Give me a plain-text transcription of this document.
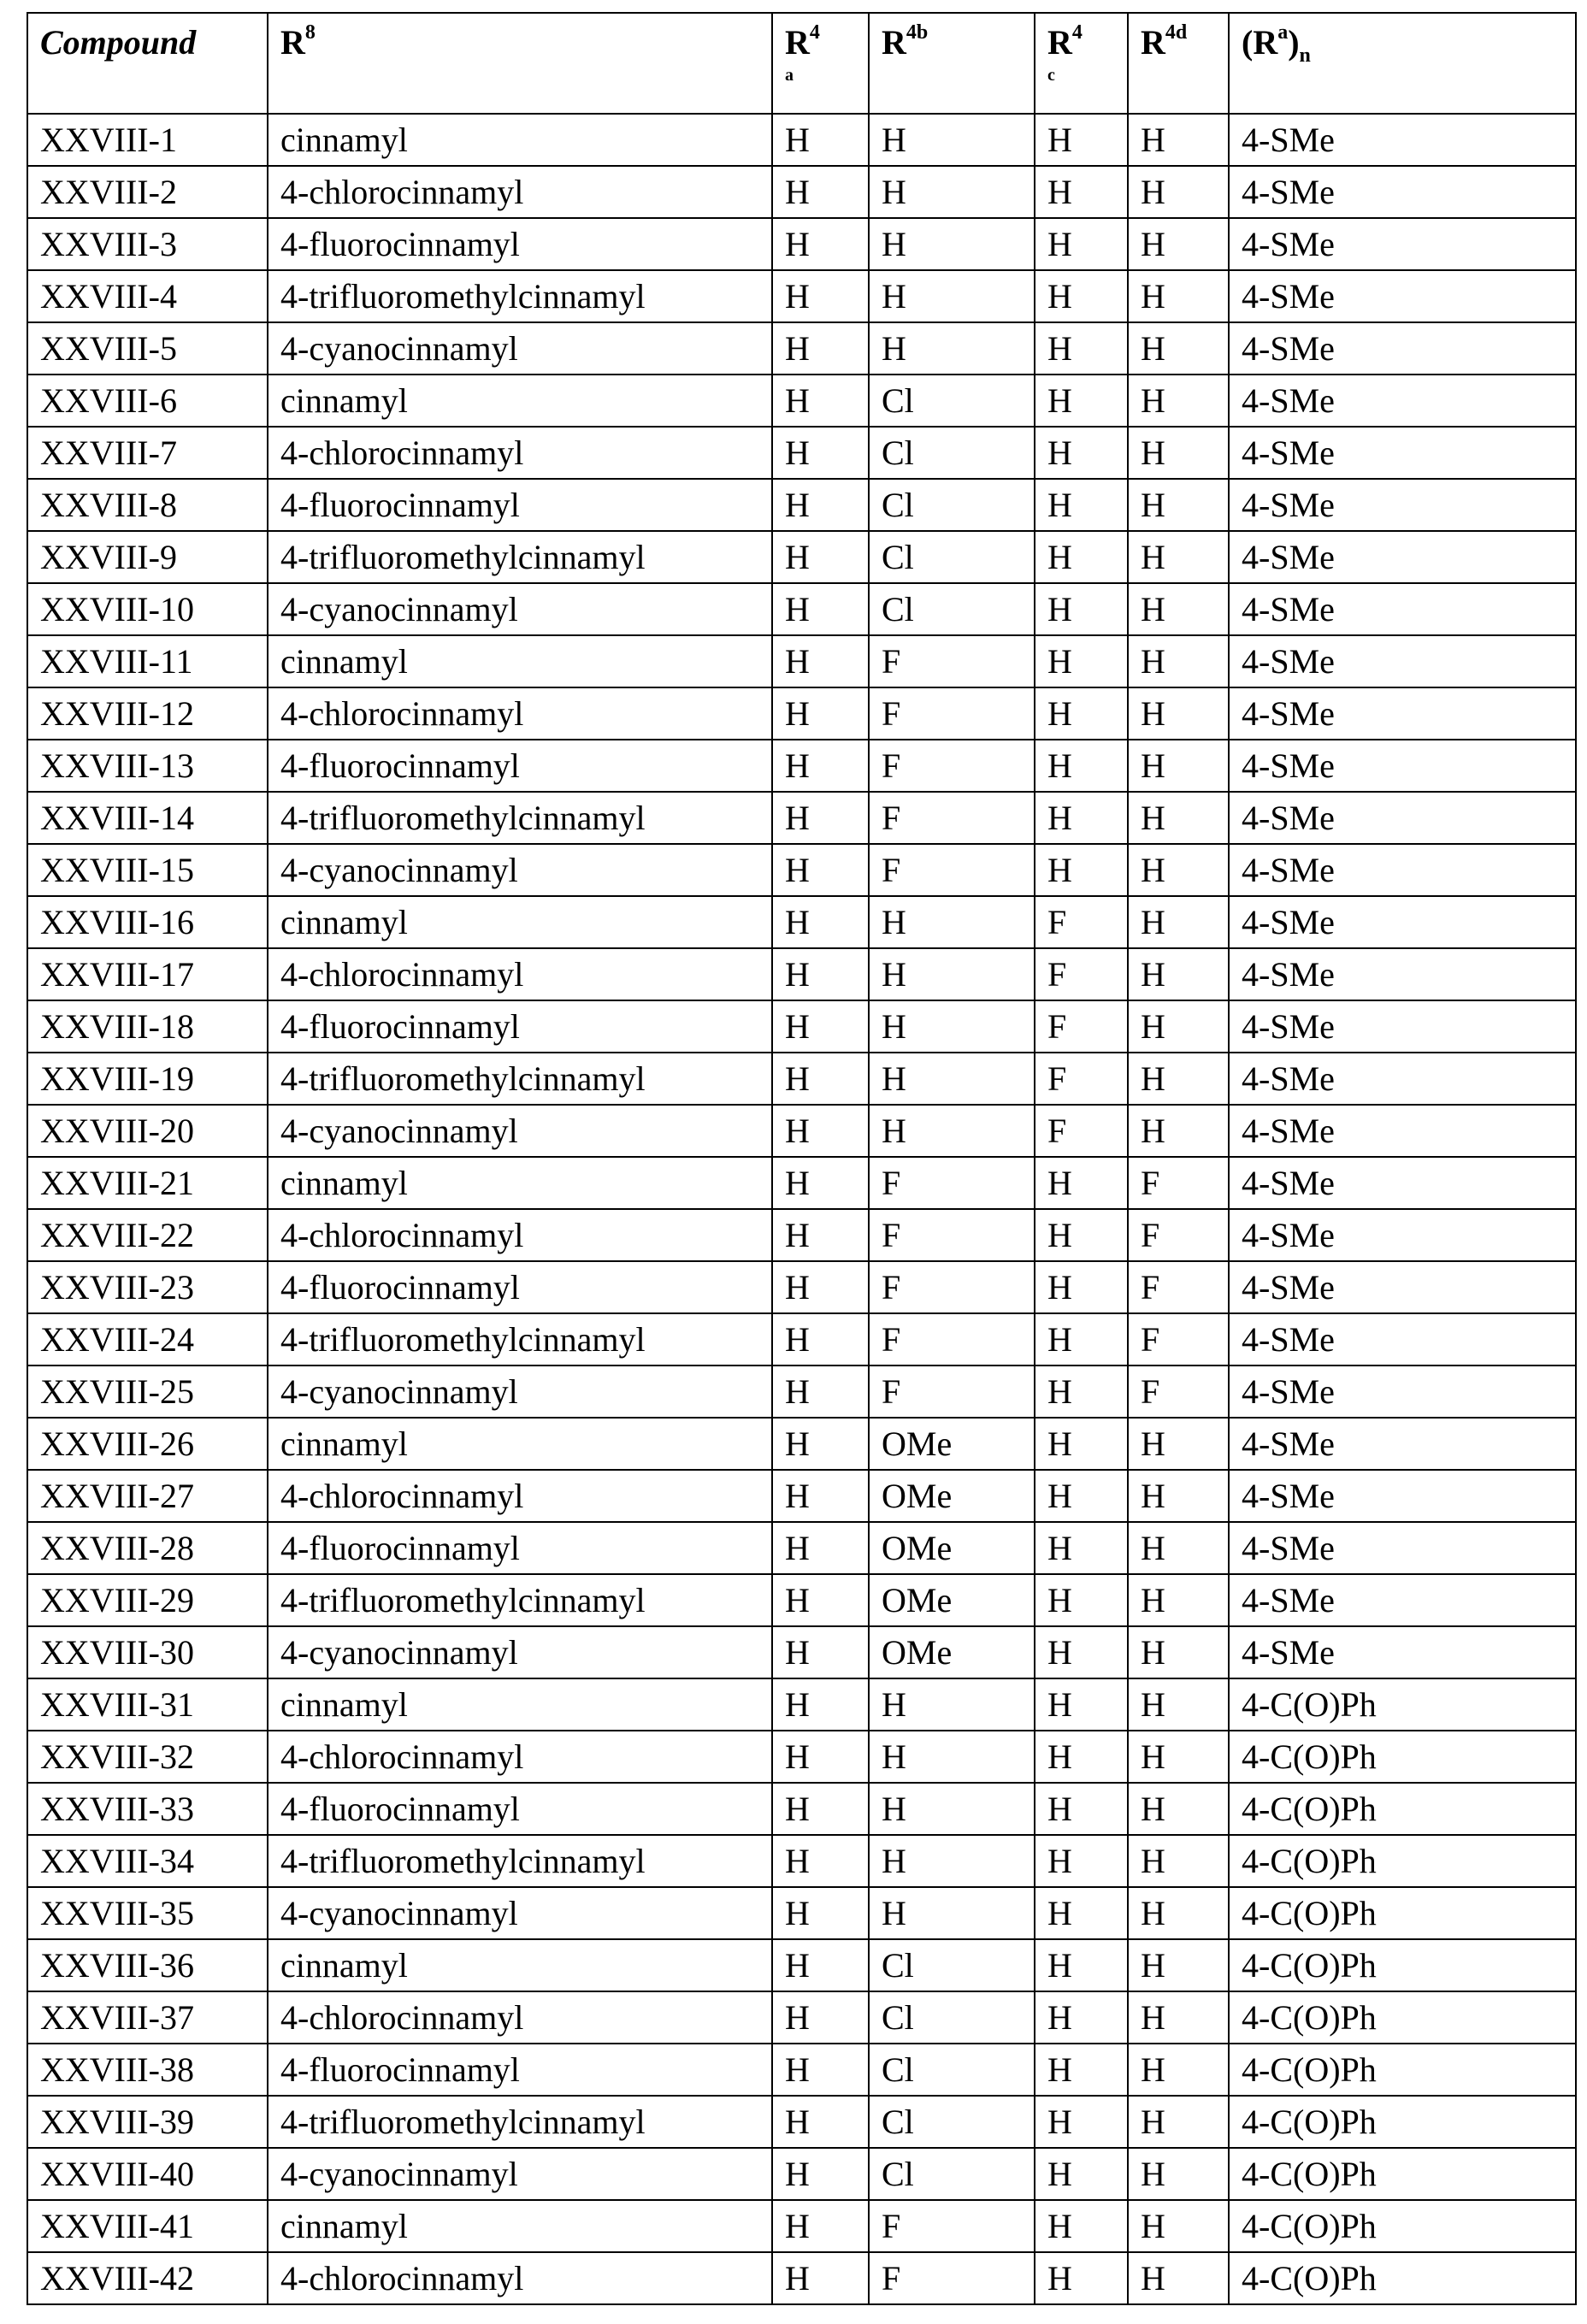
Compound	R8	R4
a
	R4b	R4
c
	R4d	(Ra)n
XXVIII-1	cinnamyl	H	H	H	H	4-SMe
XXVIII-2	4-chlorocinnamyl	H	H	H	H	4-SMe
XXVIII-3	4-fluorocinnamyl	H	H	H	H	4-SMe
XXVIII-4	4-trifluoromethylcinnamyl	H	H	H	H	4-SMe
XXVIII-5	4-cyanocinnamyl	H	H	H	H	4-SMe
XXVIII-6	cinnamyl	H	Cl	H	H	4-SMe
XXVIII-7	4-chlorocinnamyl	H	Cl	H	H	4-SMe
XXVIII-8	4-fluorocinnamyl	H	Cl	H	H	4-SMe
XXVIII-9	4-trifluoromethylcinnamyl	H	Cl	H	H	4-SMe
XXVIII-10	4-cyanocinnamyl	H	Cl	H	H	4-SMe
XXVIII-11	cinnamyl	H	F	H	H	4-SMe
XXVIII-12	4-chlorocinnamyl	H	F	H	H	4-SMe
XXVIII-13	4-fluorocinnamyl	H	F	H	H	4-SMe
XXVIII-14	4-trifluoromethylcinnamyl	H	F	H	H	4-SMe
XXVIII-15	4-cyanocinnamyl	H	F	H	H	4-SMe
XXVIII-16	cinnamyl	H	H	F	H	4-SMe
XXVIII-17	4-chlorocinnamyl	H	H	F	H	4-SMe
XXVIII-18	4-fluorocinnamyl	H	H	F	H	4-SMe
XXVIII-19	4-trifluoromethylcinnamyl	H	H	F	H	4-SMe
XXVIII-20	4-cyanocinnamyl	H	H	F	H	4-SMe
XXVIII-21	cinnamyl	H	F	H	F	4-SMe
XXVIII-22	4-chlorocinnamyl	H	F	H	F	4-SMe
XXVIII-23	4-fluorocinnamyl	H	F	H	F	4-SMe
XXVIII-24	4-trifluoromethylcinnamyl	H	F	H	F	4-SMe
XXVIII-25	4-cyanocinnamyl	H	F	H	F	4-SMe
XXVIII-26	cinnamyl	H	OMe	H	H	4-SMe
XXVIII-27	4-chlorocinnamyl	H	OMe	H	H	4-SMe
XXVIII-28	4-fluorocinnamyl	H	OMe	H	H	4-SMe
XXVIII-29	4-trifluoromethylcinnamyl	H	OMe	H	H	4-SMe
XXVIII-30	4-cyanocinnamyl	H	OMe	H	H	4-SMe
XXVIII-31	cinnamyl	H	H	H	H	4-C(O)Ph
XXVIII-32	4-chlorocinnamyl	H	H	H	H	4-C(O)Ph
XXVIII-33	4-fluorocinnamyl	H	H	H	H	4-C(O)Ph
XXVIII-34	4-trifluoromethylcinnamyl	H	H	H	H	4-C(O)Ph
XXVIII-35	4-cyanocinnamyl	H	H	H	H	4-C(O)Ph
XXVIII-36	cinnamyl	H	Cl	H	H	4-C(O)Ph
XXVIII-37	4-chlorocinnamyl	H	Cl	H	H	4-C(O)Ph
XXVIII-38	4-fluorocinnamyl	H	Cl	H	H	4-C(O)Ph
XXVIII-39	4-trifluoromethylcinnamyl	H	Cl	H	H	4-C(O)Ph
XXVIII-40	4-cyanocinnamyl	H	Cl	H	H	4-C(O)Ph
XXVIII-41	cinnamyl	H	F	H	H	4-C(O)Ph
XXVIII-42	4-chlorocinnamyl	H	F	H	H	4-C(O)Ph
